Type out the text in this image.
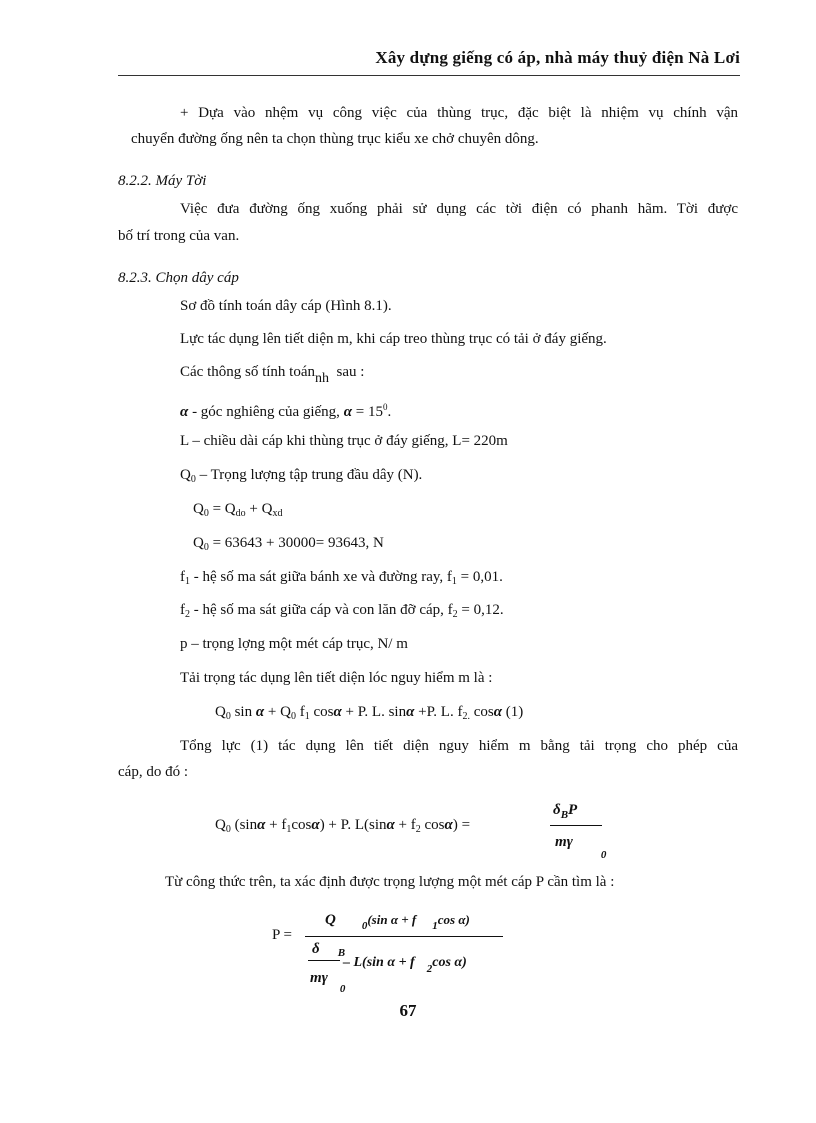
Xây dựng giếng có áp, nhà máy thuỷ điện Nà Lơi
+ Dựa vào nhệm vụ công việc của thùng trục, đặc biệt là nhiệm vụ chính vận
chuyển đường ống nên ta chọn thùng trục kiểu xe chở chuyên dông.
8.2.2. Máy Tời
Việc đưa đường ống xuống phải sử dụng các tời điện có phanh hãm. Tời được
bố trí trong của van.
8.2.3. Chọn dây cáp
Sơ đồ tính toán dây cáp (Hình 8.1).
Lực tác dụng lên tiết diện m, khi cáp treo thùng trục có tải ở đáy giếng.
Các thông số tính toán$_{nh}$ sau :
α - góc nghiêng của giếng, $\alpha = 15^0$.
L – chiều dài cáp khi thùng trục ở đáy giếng, L= 220m
$Q_0$ – Trọng lượng tập trung đầu dây (N).
$Q_0 = Q_{do} + Q_{xd}$
$Q_0 = 63643 + 30000= 93643$, N
$f_1$ - hệ số ma sát giữa bánh xe và đường ray, $f_1 = 0,01$.
$f_2$ - hệ số ma sát giữa cáp và con lăn đỡ cáp, $f_2 = 0,12$.
p – trọng lợng một mét cáp trục, N/ m
Tải trọng tác dụng lên tiết diện lóc nguy hiểm m là :
$Q_0$ $\sin \alpha + Q_0$ $f_1$ cosα + P. L. sinα +P. L. $f_{2.}$ cosα (1)
Tổng lực (1) tác dụng lên tiết diện nguy hiểm m bằng tải trọng cho phép của
cáp, do đó :
$Q_0$ $(\sin\alpha + f_1\cos\alpha) + P$. $L(\sin\alpha + f_2$ cosα) =
$\delta_BP$
$m\gamma_0$
Từ công thức trên, ta xác định được trọng lượng một mét cáp P cần tìm là :
P =
Q $_0$(sin α + f $_1$cos α)
δ $_B$
– L(sin α + f $_2$cos α)
$m\gamma_0$
67
